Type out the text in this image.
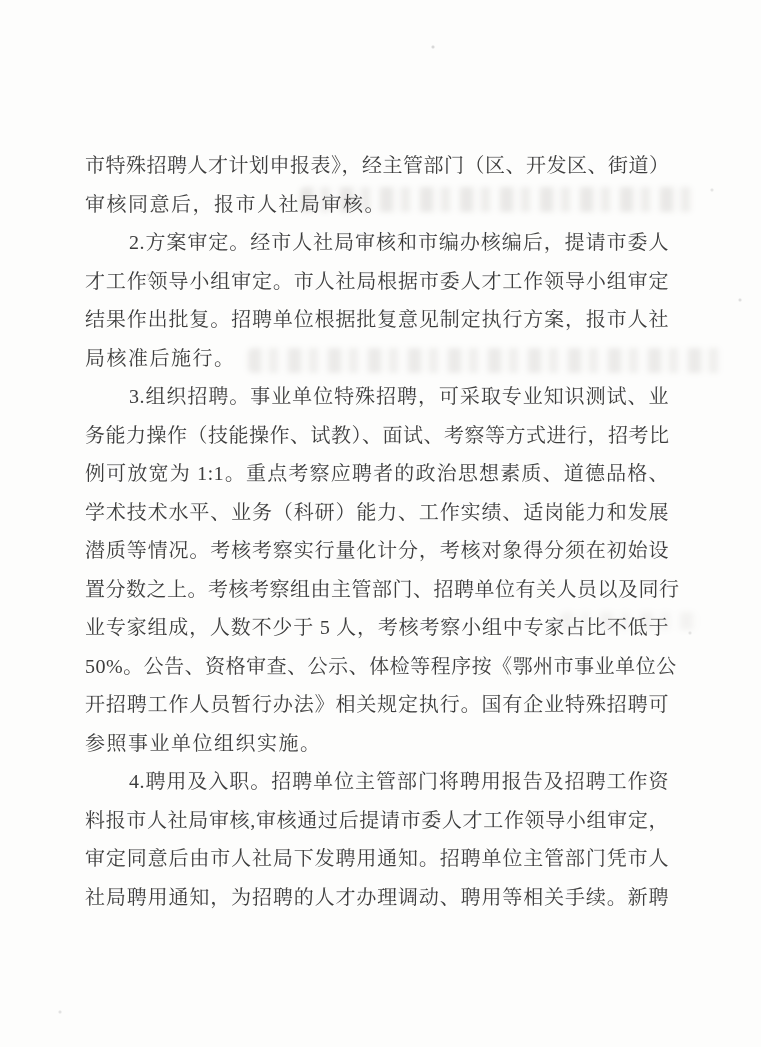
市特殊招聘人才计划申报表》，经主管部门（区、开发区、街道）
审核同意后，报市人社局审核。
2.方案审定。经市人社局审核和市编办核编后，提请市委人
才工作领导小组审定。市人社局根据市委人才工作领导小组审定
结果作出批复。招聘单位根据批复意见制定执行方案，报市人社
局核准后施行。
3.组织招聘。事业单位特殊招聘，可采取专业知识测试、业
务能力操作（技能操作、试教）、面试、考察等方式进行，招考比
例可放宽为 1:1。重点考察应聘者的政治思想素质、道德品格、
学术技术水平、业务（科研）能力、工作实绩、适岗能力和发展
潜质等情况。考核考察实行量化计分，考核对象得分须在初始设
置分数之上。考核考察组由主管部门、招聘单位有关人员以及同行
业专家组成，人数不少于 5 人，考核考察小组中专家占比不低于
50%。公告、资格审查、公示、体检等程序按《鄂州市事业单位公
开招聘工作人员暂行办法》相关规定执行。国有企业特殊招聘可
参照事业单位组织实施。
4.聘用及入职。招聘单位主管部门将聘用报告及招聘工作资
料报市人社局审核,审核通过后提请市委人才工作领导小组审定，
审定同意后由市人社局下发聘用通知。招聘单位主管部门凭市人
社局聘用通知，为招聘的人才办理调动、聘用等相关手续。新聘
